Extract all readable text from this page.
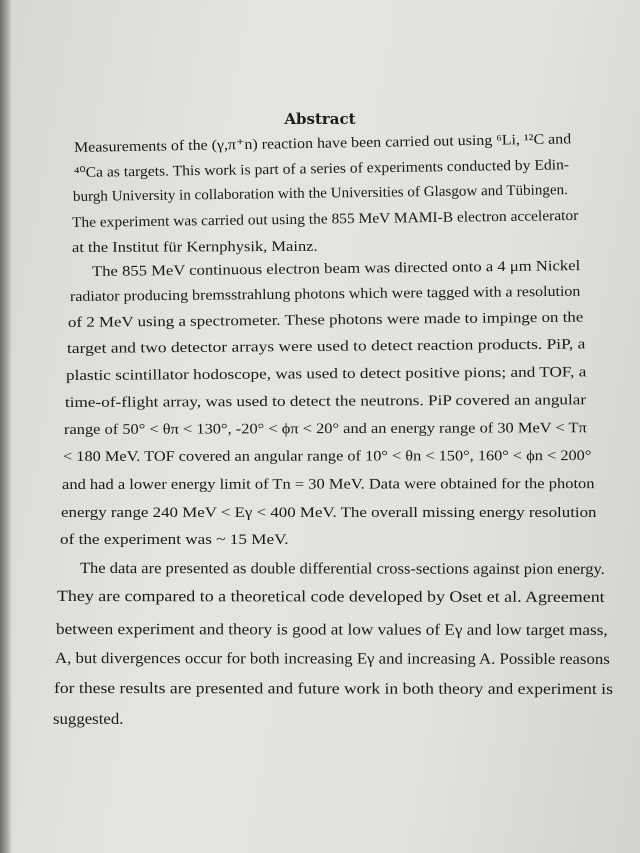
Abstract

Measurements of the (γ,π⁺n) reaction have been carried out using ⁶Li, ¹²C and

⁴⁰Ca as targets. This work is part of a series of experiments conducted by Edin-

burgh University in collaboration with the Universities of Glasgow and Tübingen.

The experiment was carried out using the 855 MeV MAMI-B electron accelerator

at the Institut für Kernphysik, Mainz.

The 855 MeV continuous electron beam was directed onto a 4 μm Nickel

radiator producing bremsstrahlung photons which were tagged with a resolution

of 2 MeV using a spectrometer. These photons were made to impinge on the

target and two detector arrays were used to detect reaction products. PiP, a

plastic scintillator hodoscope, was used to detect positive pions; and TOF, a

time-of-flight array, was used to detect the neutrons. PiP covered an angular

range of 50° < θπ < 130°, -20° < ϕπ < 20° and an energy range of 30 MeV < Tπ

< 180 MeV. TOF covered an angular range of 10° < θn < 150°, 160° < ϕn < 200°

and had a lower energy limit of Tn = 30 MeV. Data were obtained for the photon

energy range 240 MeV < Eγ < 400 MeV. The overall missing energy resolution

of the experiment was ~ 15 MeV.

The data are presented as double differential cross-sections against pion energy.

They are compared to a theoretical code developed by Oset et al. Agreement

between experiment and theory is good at low values of Eγ and low target mass,

A, but divergences occur for both increasing Eγ and increasing A. Possible reasons

for these results are presented and future work in both theory and experiment is

suggested.
